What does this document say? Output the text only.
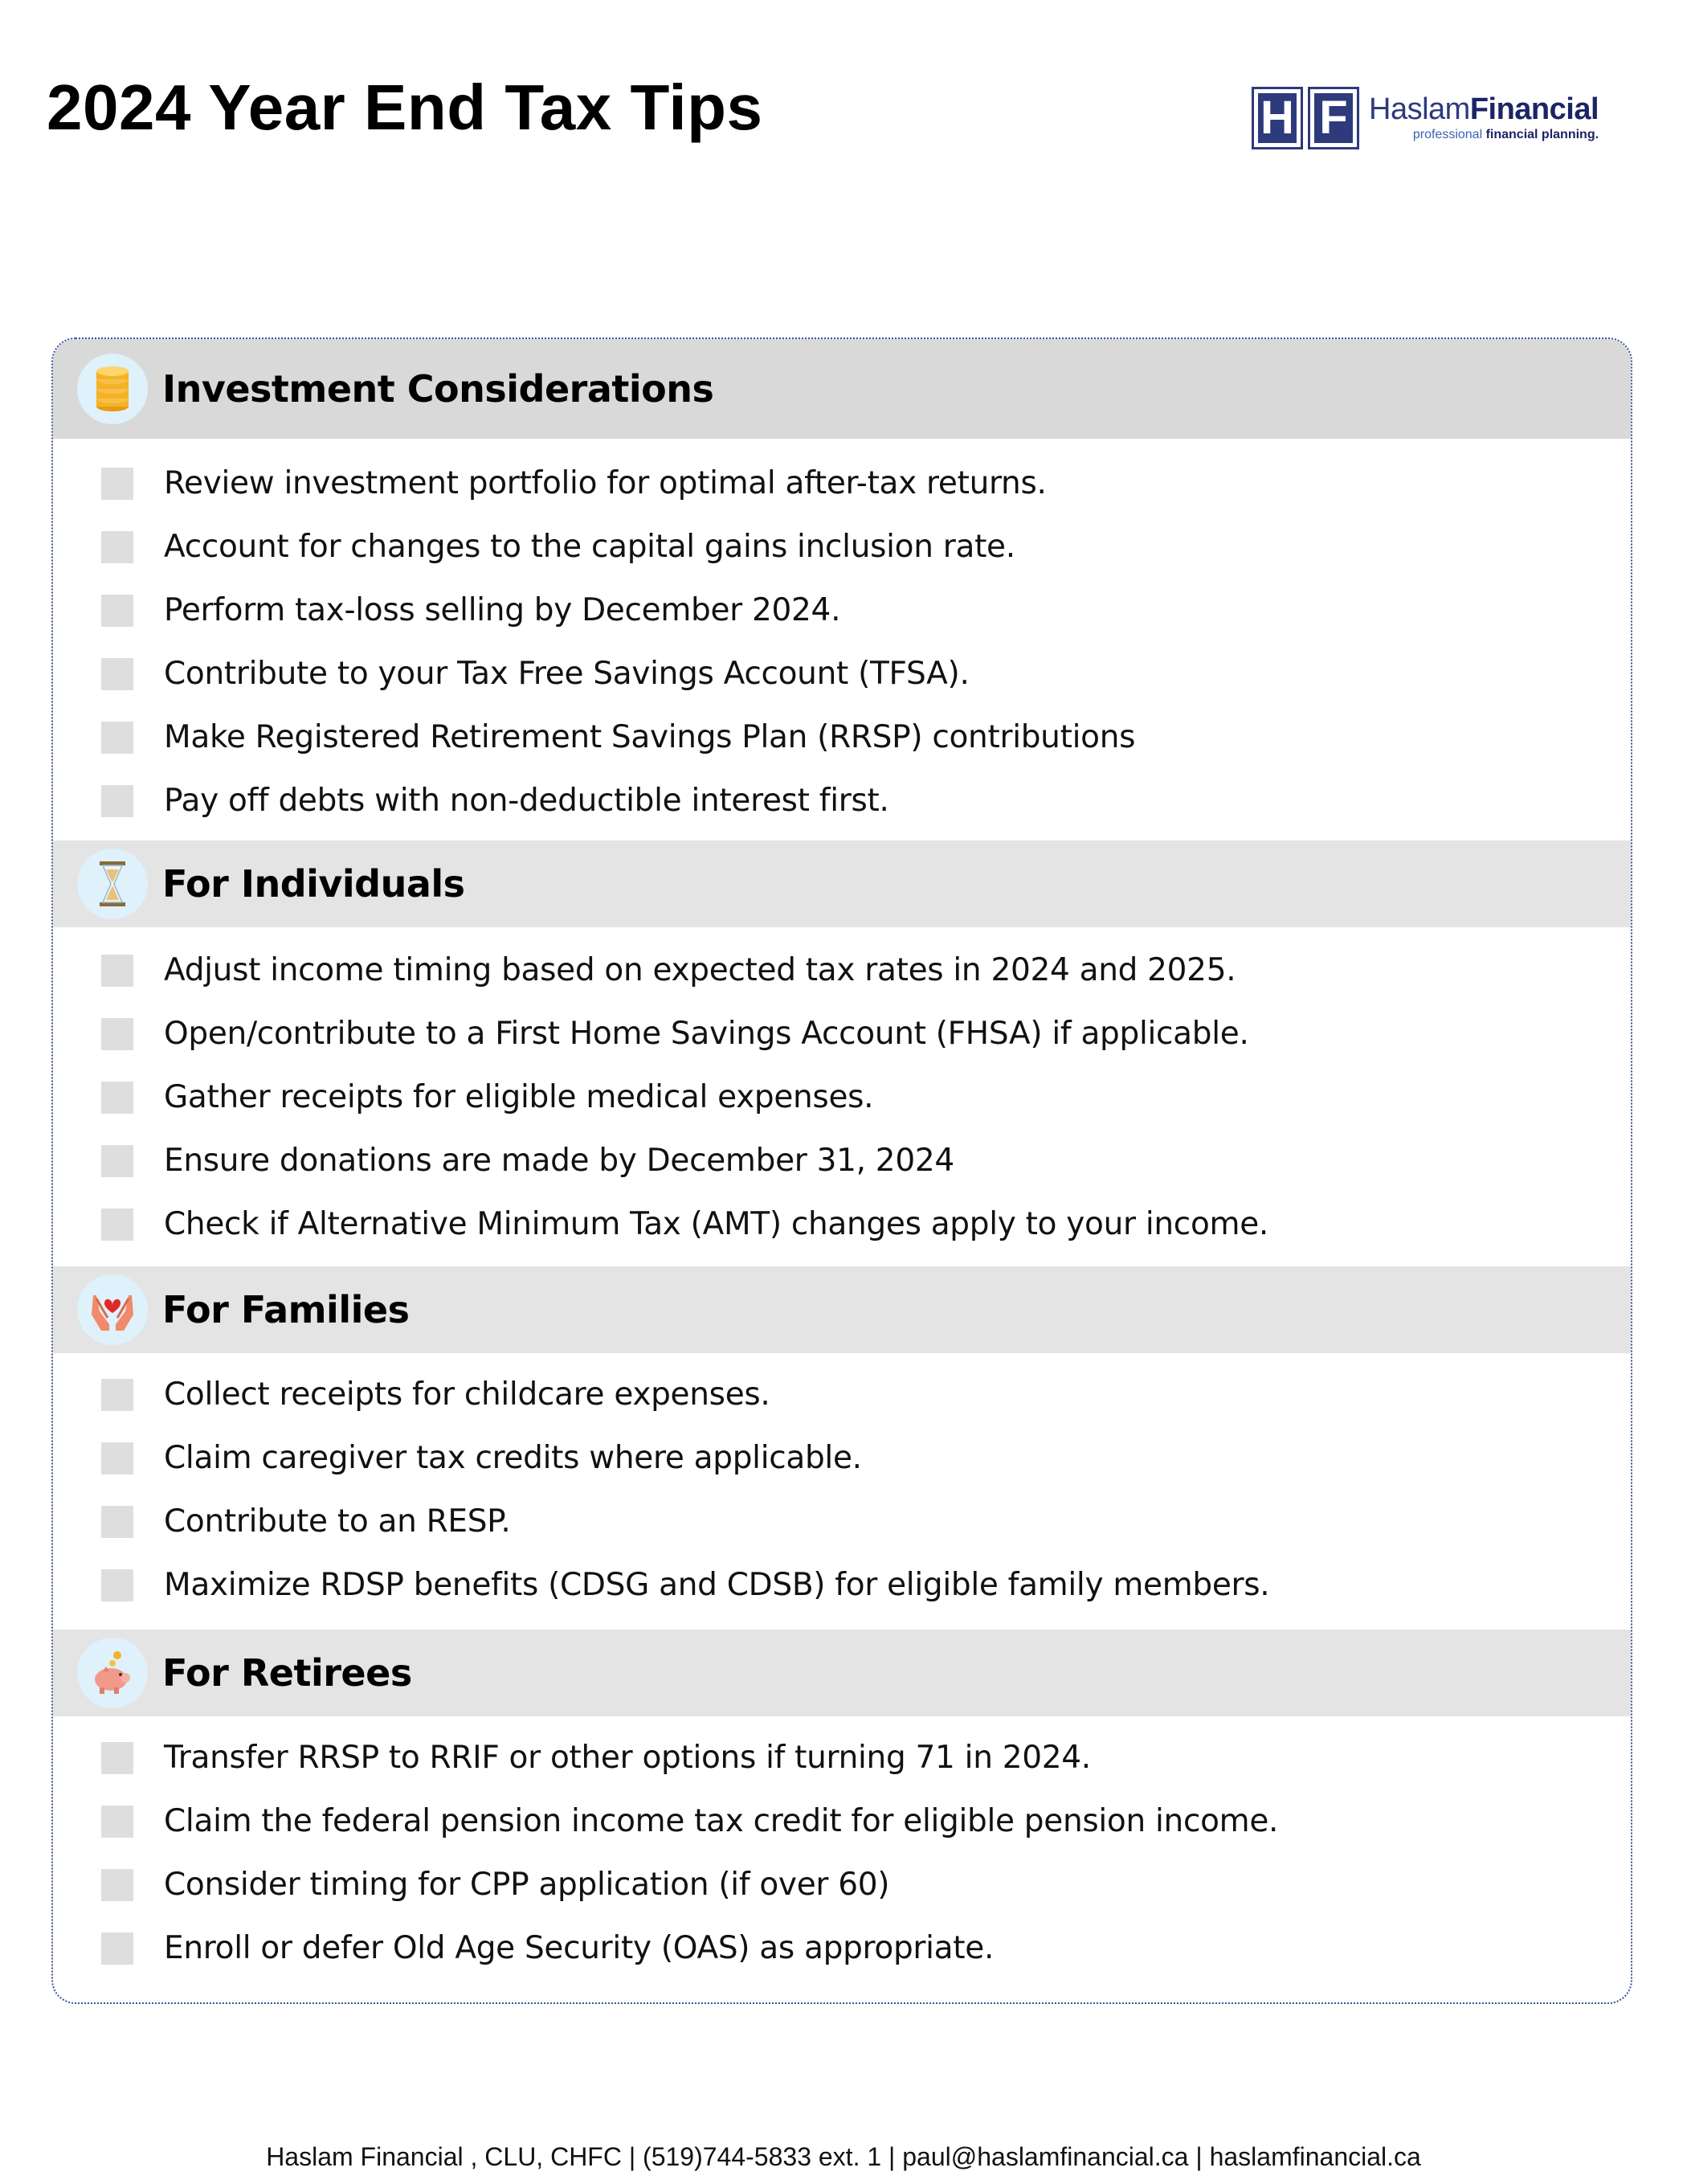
2024 Year End Tax Tips	H F HaslamFinancial
professional financial planning.
Investment Considerations
Review investment portfolio for optimal after-tax returns.
Account for changes to the capital gains inclusion rate.
Perform tax-loss selling by December 2024.
Contribute to your Tax Free Savings Account (TFSA).
Make Registered Retirement Savings Plan (RRSP) contributions
Pay off debts with non-deductible interest first.
For Individuals
Adjust income timing based on expected tax rates in 2024 and 2025.
Open/contribute to a First Home Savings Account (FHSA) if applicable.
Gather receipts for eligible medical expenses.
Ensure donations are made by December 31, 2024
Check if Alternative Minimum Tax (AMT) changes apply to your income.
For Families
Collect receipts for childcare expenses.
Claim caregiver tax credits where applicable.
Contribute to an RESP.
Maximize RDSP benefits (CDSG and CDSB) for eligible family members.
For Retirees
Transfer RRSP to RRIF or other options if turning 71 in 2024.
Claim the federal pension income tax credit for eligible pension income.
Consider timing for CPP application (if over 60)
Enroll or defer Old Age Security (OAS) as appropriate.
Haslam Financial , CLU, CHFC | (519)744-5833 ext. 1 | paul@haslamfinancial.ca | haslamfinancial.ca
